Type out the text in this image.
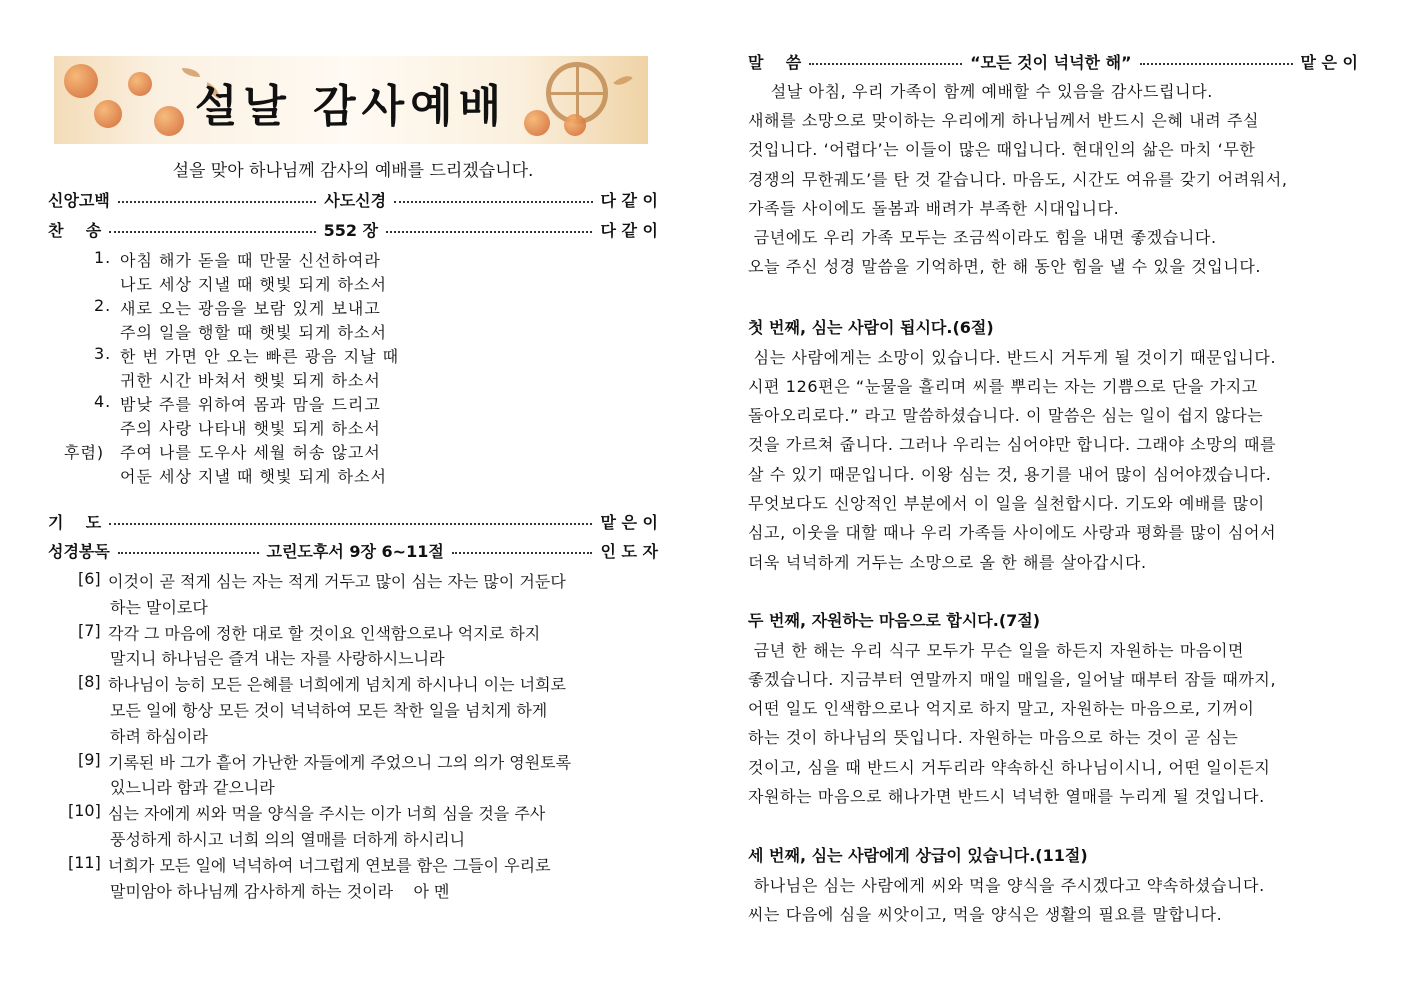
설날 감사예배
설을 맞아 하나님께 감사의 예배를 드리겠습니다.
신앙고백	사도신경	다 같 이
찬    송	552 장	다 같 이
1. 아침 해가 돋을 때 만물 신선하여라
나도 세상 지낼 때 햇빛 되게 하소서
2. 새로 오는 광음을 보람 있게 보내고
주의 일을 행할 때 햇빛 되게 하소서
3. 한 번 가면 안 오는 빠른 광음 지날 때
귀한 시간 바쳐서 햇빛 되게 하소서
4. 밤낮 주를 위하여 몸과 맘을 드리고
주의 사랑 나타내 햇빛 되게 하소서
후렴) 주여 나를 도우사 세월 허송 않고서
어둔 세상 지낼 때 햇빛 되게 하소서
기    도	맡 은 이
성경봉독	고린도후서 9장 6~11절	인 도 자
[6] 이것이 곧 적게 심는 자는 적게 거두고 많이 심는 자는 많이 거둔다
하는 말이로다
[7] 각각 그 마음에 정한 대로 할 것이요 인색함으로나 억지로 하지
말지니 하나님은 즐겨 내는 자를 사랑하시느니라
[8] 하나님이 능히 모든 은혜를 너희에게 넘치게 하시나니 이는 너희로
모든 일에 항상 모든 것이 넉넉하여 모든 착한 일을 넘치게 하게
하려 하심이라
[9] 기록된 바 그가 흩어 가난한 자들에게 주었으니 그의 의가 영원토록
있느니라 함과 같으니라
[10] 심는 자에게 씨와 먹을 양식을 주시는 이가 너희 심을 것을 주사
풍성하게 하시고 너희 의의 열매를 더하게 하시리니
[11] 너희가 모든 일에 넉넉하여 너그럽게 연보를 함은 그들이 우리로
말미암아 하나님께 감사하게 하는 것이라    아 멘
말    씀	“모든 것이 넉넉한 해”	맡 은 이
설날 아침, 우리 가족이 함께 예배할 수 있음을 감사드립니다.
새해를 소망으로 맞이하는 우리에게 하나님께서 반드시 은혜 내려 주실
것입니다. ‘어렵다’는 이들이 많은 때입니다. 현대인의 삶은 마치 ‘무한
경쟁의 무한궤도’를 탄 것 같습니다. 마음도, 시간도 여유를 갖기 어려워서,
가족들 사이에도 돌봄과 배려가 부족한 시대입니다.
금년에도 우리 가족 모두는 조금씩이라도 힘을 내면 좋겠습니다.
오늘 주신 성경 말씀을 기억하면, 한 해 동안 힘을 낼 수 있을 것입니다.
첫 번째, 심는 사람이 됩시다.(6절)
심는 사람에게는 소망이 있습니다. 반드시 거두게 될 것이기 때문입니다.
시편 126편은 “눈물을 흘리며 씨를 뿌리는 자는 기쁨으로 단을 가지고
돌아오리로다.” 라고 말씀하셨습니다. 이 말씀은 심는 일이 쉽지 않다는
것을 가르쳐 줍니다. 그러나 우리는 심어야만 합니다. 그래야 소망의 때를
살 수 있기 때문입니다. 이왕 심는 것, 용기를 내어 많이 심어야겠습니다.
무엇보다도 신앙적인 부분에서 이 일을 실천합시다. 기도와 예배를 많이
심고, 이웃을 대할 때나 우리 가족들 사이에도 사랑과 평화를 많이 심어서
더욱 넉넉하게 거두는 소망으로 올 한 해를 살아갑시다.
두 번째, 자원하는 마음으로 합시다.(7절)
금년 한 해는 우리 식구 모두가 무슨 일을 하든지 자원하는 마음이면
좋겠습니다. 지금부터 연말까지 매일 매일을, 일어날 때부터 잠들 때까지,
어떤 일도 인색함으로나 억지로 하지 말고, 자원하는 마음으로, 기꺼이
하는 것이 하나님의 뜻입니다. 자원하는 마음으로 하는 것이 곧 심는
것이고, 심을 때 반드시 거두리라 약속하신 하나님이시니, 어떤 일이든지
자원하는 마음으로 해나가면 반드시 넉넉한 열매를 누리게 될 것입니다.
세 번째, 심는 사람에게 상급이 있습니다.(11절)
하나님은 심는 사람에게 씨와 먹을 양식을 주시겠다고 약속하셨습니다.
씨는 다음에 심을 씨앗이고, 먹을 양식은 생활의 필요를 말합니다.
